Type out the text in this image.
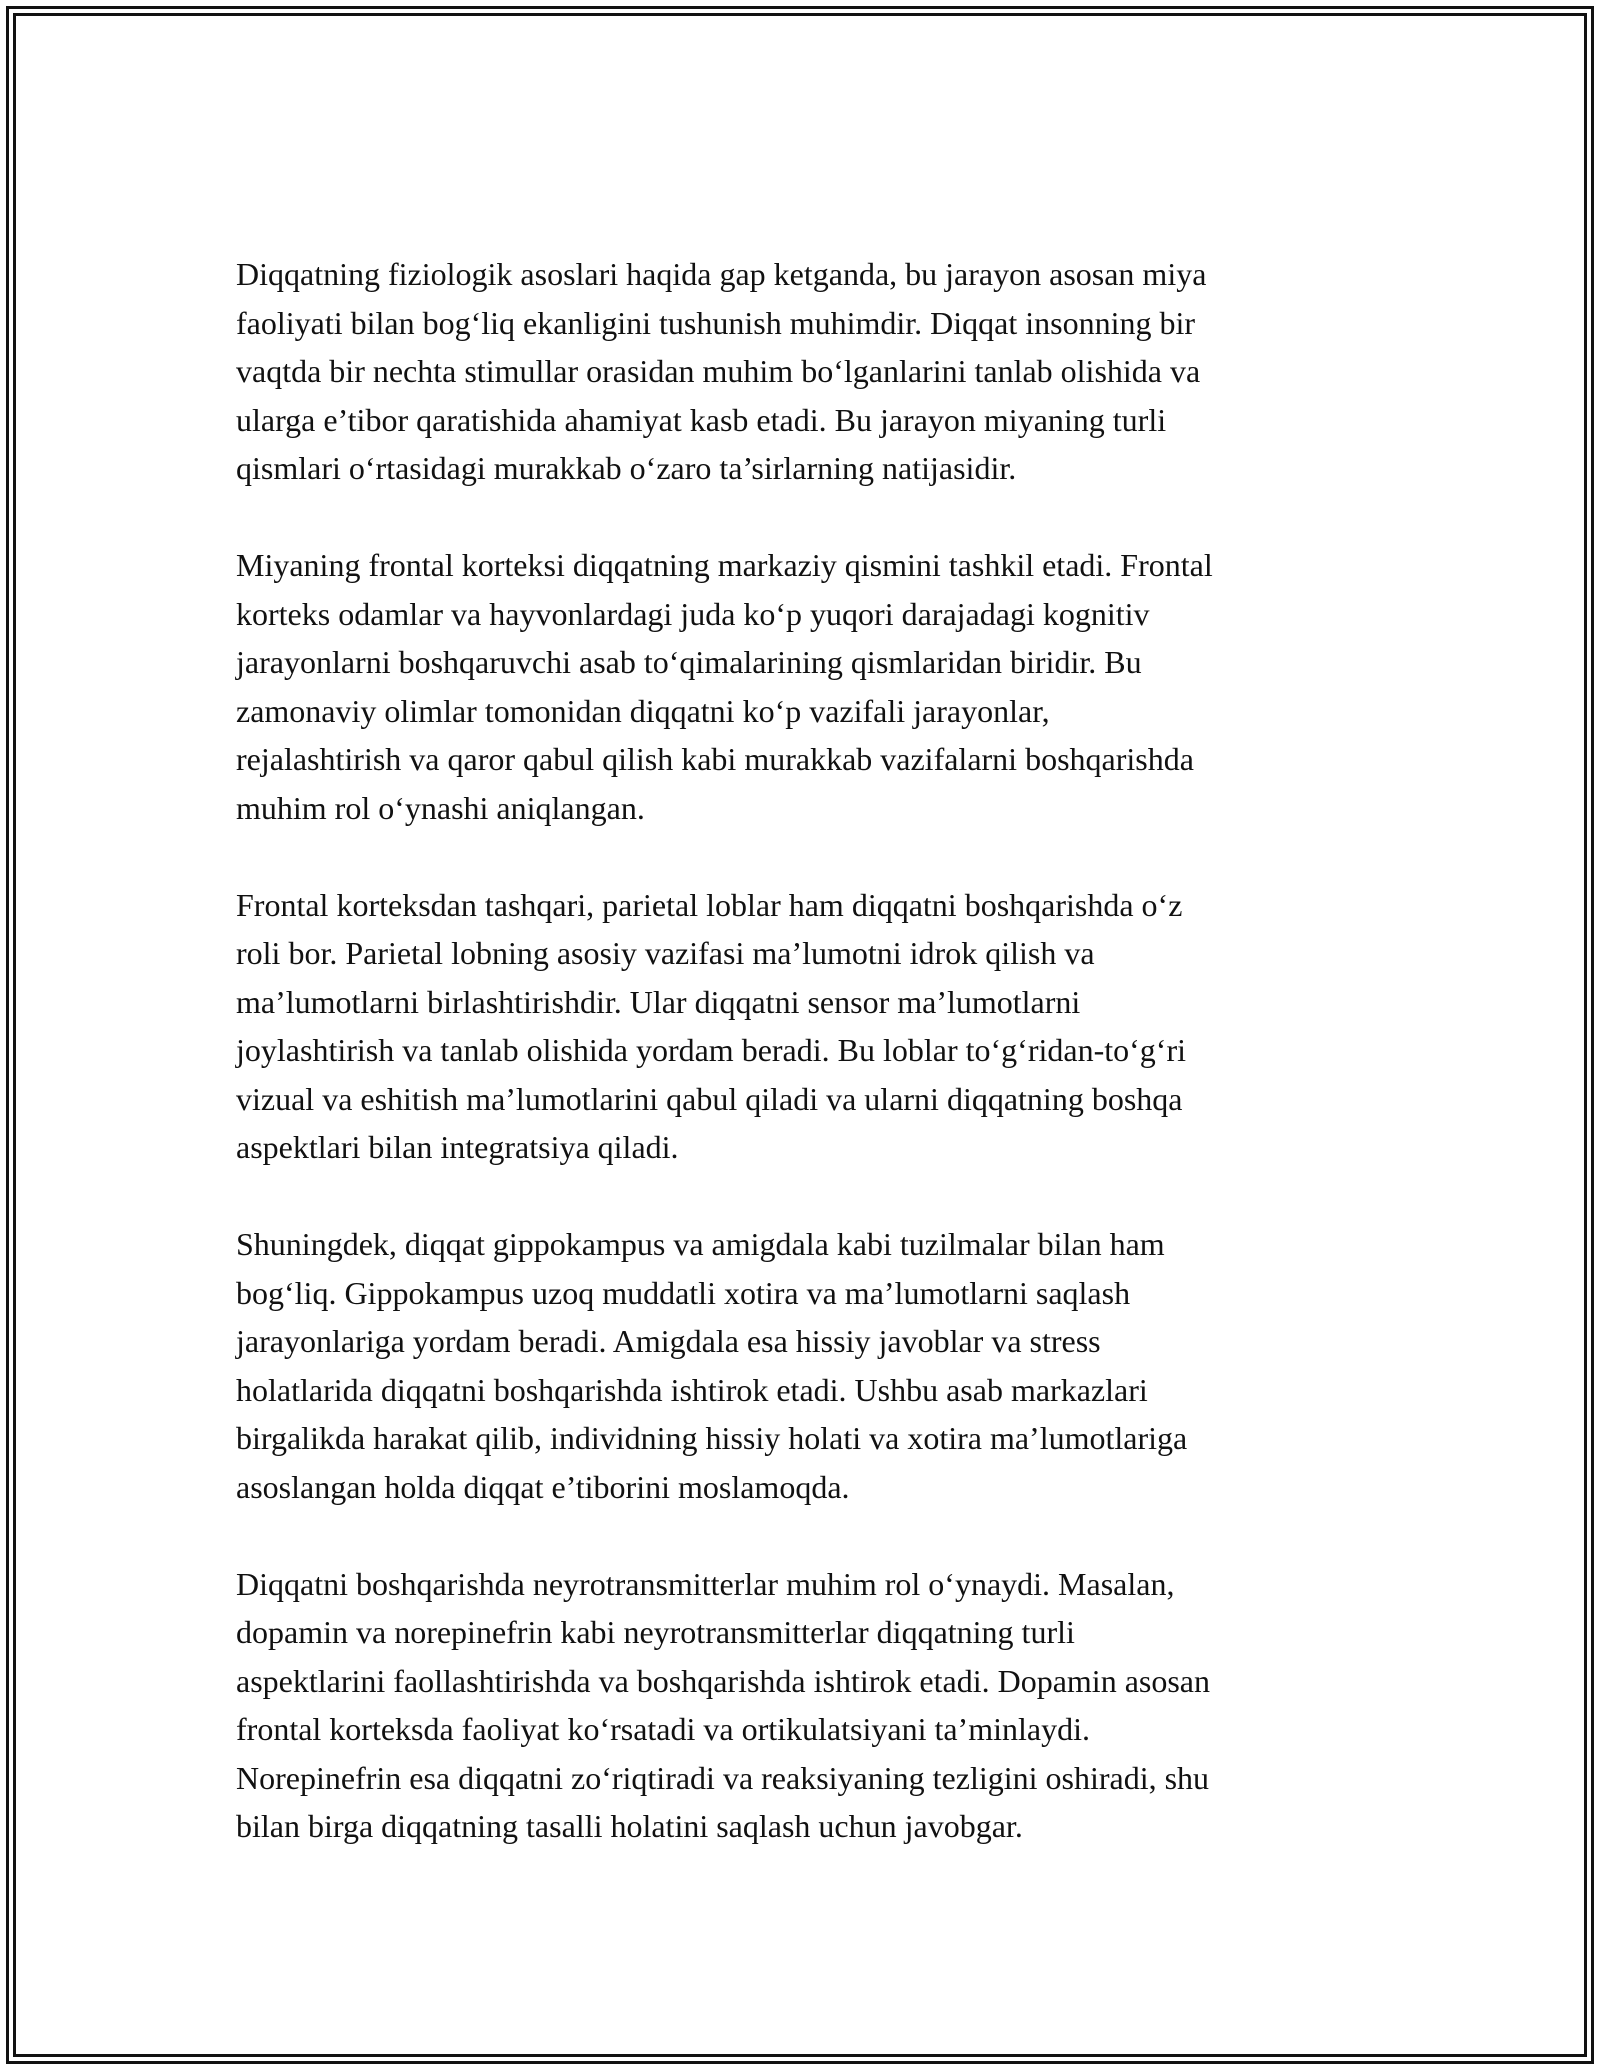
Diqqatning fiziologik asoslari haqida gap ketganda, bu jarayon asosan miya
faoliyati bilan bog‘liq ekanligini tushunish muhimdir. Diqqat insonning bir
vaqtda bir nechta stimullar orasidan muhim bo‘lganlarini tanlab olishida va
ularga e’tibor qaratishida ahamiyat kasb etadi. Bu jarayon miyaning turli
qismlari o‘rtasidagi murakkab o‘zaro ta’sirlarning natijasidir.

Miyaning frontal korteksi diqqatning markaziy qismini tashkil etadi. Frontal
korteks odamlar va hayvonlardagi juda ko‘p yuqori darajadagi kognitiv
jarayonlarni boshqaruvchi asab to‘qimalarining qismlaridan biridir. Bu
zamonaviy olimlar tomonidan diqqatni ko‘p vazifali jarayonlar,
rejalashtirish va qaror qabul qilish kabi murakkab vazifalarni boshqarishda
muhim rol o‘ynashi aniqlangan.

Frontal korteksdan tashqari, parietal loblar ham diqqatni boshqarishda o‘z
roli bor. Parietal lobning asosiy vazifasi ma’lumotni idrok qilish va
ma’lumotlarni birlashtirishdir. Ular diqqatni sensor ma’lumotlarni
joylashtirish va tanlab olishida yordam beradi. Bu loblar to‘g‘ridan-to‘g‘ri
vizual va eshitish ma’lumotlarini qabul qiladi va ularni diqqatning boshqa
aspektlari bilan integratsiya qiladi.

Shuningdek, diqqat gippokampus va amigdala kabi tuzilmalar bilan ham
bog‘liq. Gippokampus uzoq muddatli xotira va ma’lumotlarni saqlash
jarayonlariga yordam beradi. Amigdala esa hissiy javoblar va stress
holatlarida diqqatni boshqarishda ishtirok etadi. Ushbu asab markazlari
birgalikda harakat qilib, individning hissiy holati va xotira ma’lumotlariga
asoslangan holda diqqat e’tiborini moslamoqda.

Diqqatni boshqarishda neyrotransmitterlar muhim rol o‘ynaydi. Masalan,
dopamin va norepinefrin kabi neyrotransmitterlar diqqatning turli
aspektlarini faollashtirishda va boshqarishda ishtirok etadi. Dopamin asosan
frontal korteksda faoliyat ko‘rsatadi va ortikulatsiyani ta’minlaydi.
Norepinefrin esa diqqatni zo‘riqtiradi va reaksiyaning tezligini oshiradi, shu
bilan birga diqqatning tasalli holatini saqlash uchun javobgar.
